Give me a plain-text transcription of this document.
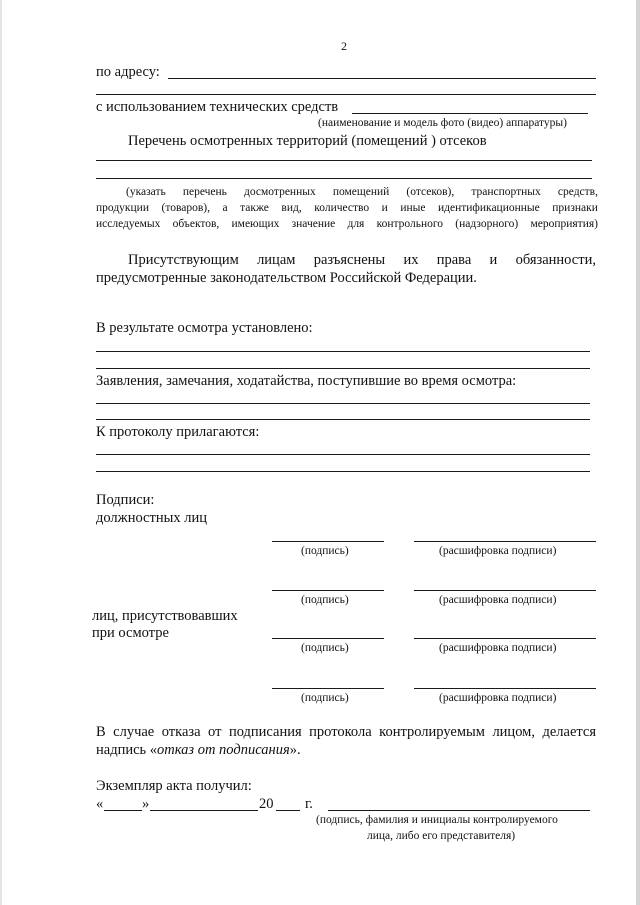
2
по адресу:
с использованием технических средств
(наименование и модель фото (видео) аппаратуры)
Перечень осмотренных территорий (помещений ) отсеков
(указать перечень досмотренных помещений (отсеков), транспортных средств,
продукции (товаров), а также вид, количество и иные идентификационные признаки
исследуемых объектов, имеющих значение для контрольного (надзорного) мероприятия)
Присутствующим лицам разъяснены их права и обязанности,
предусмотренные законодательством Российской Федерации.
В результате осмотра установлено:
Заявления, замечания, ходатайства, поступившие во время осмотра:
К протоколу прилагаются:
Подписи:
должностных лиц
(подпись)	(расшифровка подписи)
(подпись)	(расшифровка подписи)
лиц, присутствовавших
при осмотре
(подпись)	(расшифровка подписи)
(подпись)	(расшифровка подписи)
В случае отказа от подписания протокола контролируемым лицом, делается
надпись «отказ от подписания».
Экземпляр акта получил:
«	»	20 г.
(подпись, фамилия и инициалы контролируемого
лица, либо его представителя)
